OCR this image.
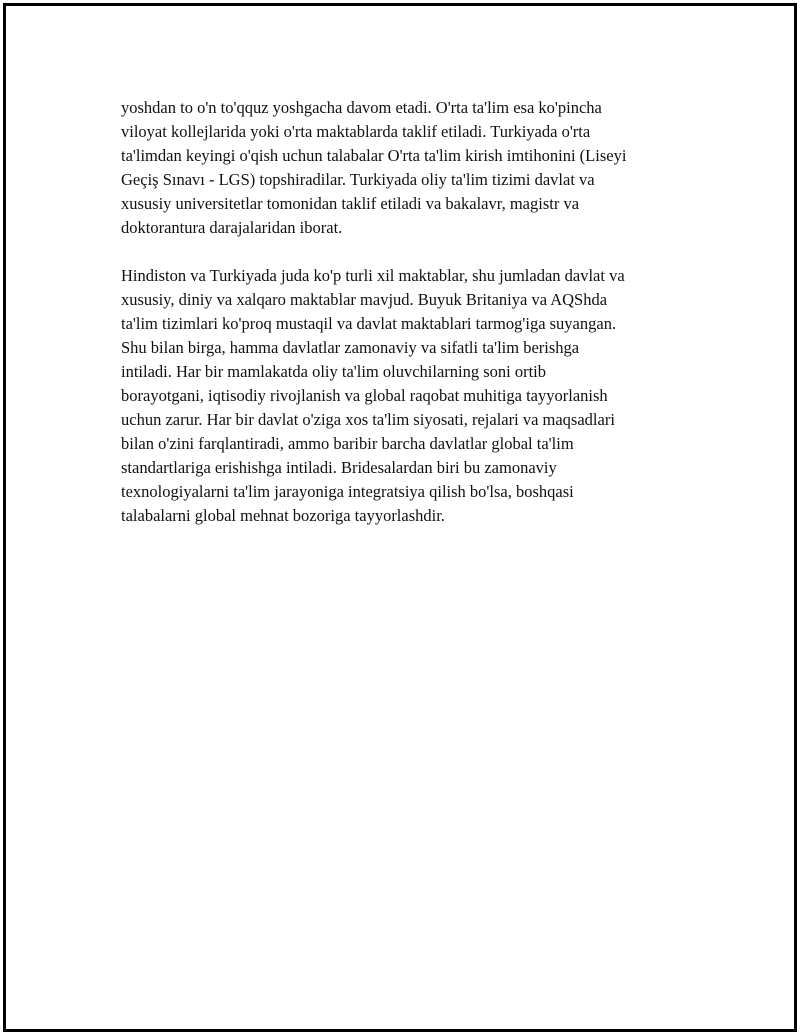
yoshdan to o'n to'qquz yoshgacha davom etadi. O'rta ta'lim esa ko'pincha
viloyat kollejlarida yoki o'rta maktablarda taklif etiladi. Turkiyada o'rta
ta'limdan keyingi o'qish uchun talabalar O'rta ta'lim kirish imtihonini (Liseyi
Geçiş Sınavı - LGS) topshiradilar. Turkiyada oliy ta'lim tizimi davlat va
xususiy universitetlar tomonidan taklif etiladi va bakalavr, magistr va
doktorantura darajalaridan iborat.

Hindiston va Turkiyada juda ko'p turli xil maktablar, shu jumladan davlat va
xususiy, diniy va xalqaro maktablar mavjud. Buyuk Britaniya va AQShda
ta'lim tizimlari ko'proq mustaqil va davlat maktablari tarmog'iga suyangan.
Shu bilan birga, hamma davlatlar zamonaviy va sifatli ta'lim berishga
intiladi. Har bir mamlakatda oliy ta'lim oluvchilarning soni ortib
borayotgani, iqtisodiy rivojlanish va global raqobat muhitiga tayyorlanish
uchun zarur. Har bir davlat o'ziga xos ta'lim siyosati, rejalari va maqsadlari
bilan o'zini farqlantiradi, ammo baribir barcha davlatlar global ta'lim
standartlariga erishishga intiladi. Bridesalardan biri bu zamonaviy
texnologiyalarni ta'lim jarayoniga integratsiya qilish bo'lsa, boshqasi
talabalarni global mehnat bozoriga tayyorlashdir.
